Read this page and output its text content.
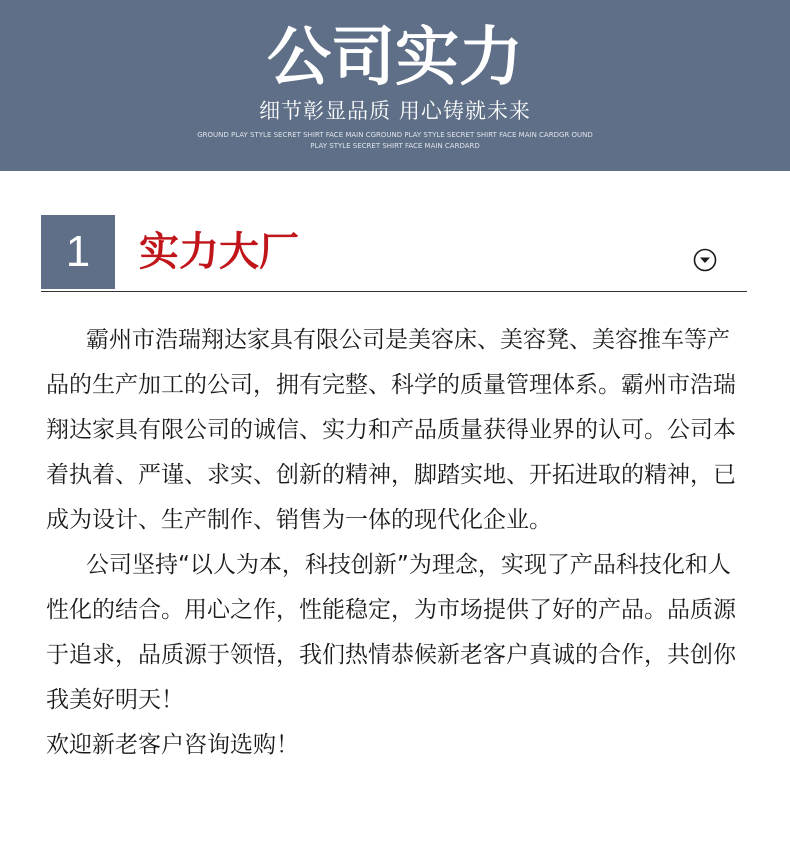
公司实力
细节彰显品质 用心铸就未来
GROUND PLAY STYLE SECRET SHIRT FACE MAIN CGROUND PLAY STYLE SECRET SHIRT FACE MAIN CARDGR OUND PLAY STYLE SECRET SHIRT FACE MAIN CARDARD
1	实力大厂

霸州市浩瑞翔达家具有限公司是美容床、美容凳、美容推车等产品的生产加工的公司，拥有完整、科学的质量管理体系。霸州市浩瑞翔达家具有限公司的诚信、实力和产品质量获得业界的认可。公司本着执着、严谨、求实、创新的精神，脚踏实地、开拓进取的精神，已成为设计、生产制作、销售为一体的现代化企业。

公司坚持“以人为本，科技创新”为理念，实现了产品科技化和人性化的结合。用心之作，性能稳定，为市场提供了好的产品。品质源于追求，品质源于领悟，我们热情恭候新老客户真诚的合作，共创你我美好明天！

欢迎新老客户咨询选购！
